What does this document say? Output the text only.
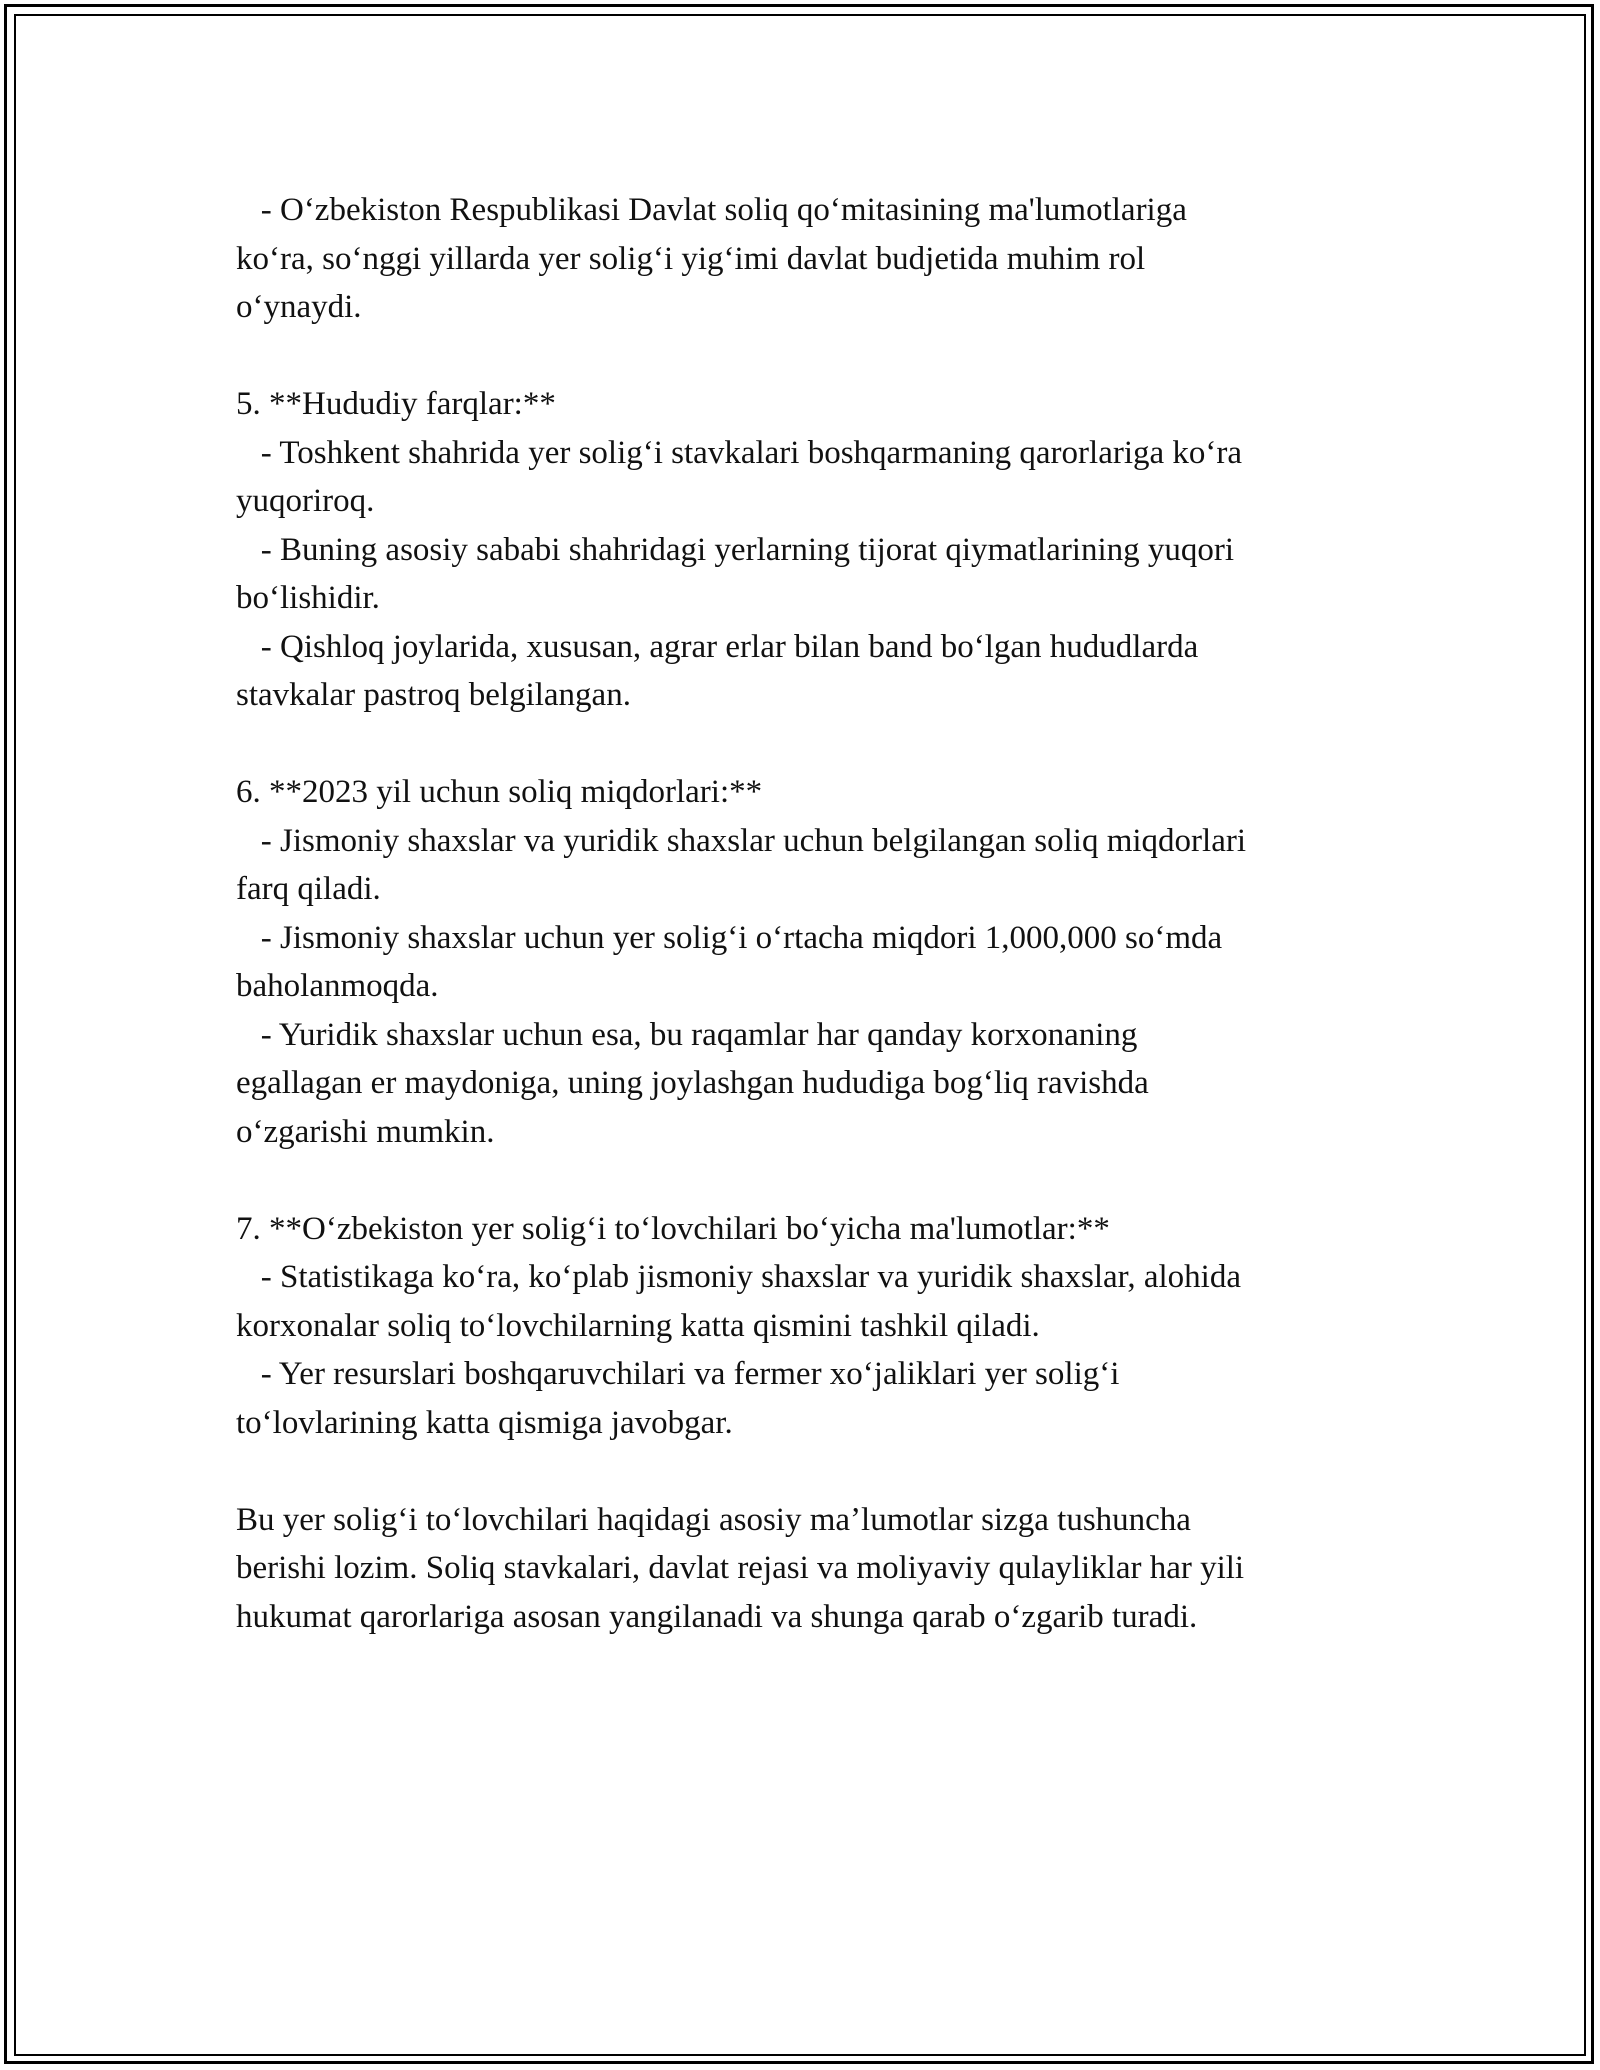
- Oʻzbekiston Respublikasi Davlat soliq qoʻmitasining ma'lumotlariga
koʻra, soʻnggi yillarda yer soligʻi yigʻimi davlat budjetida muhim rol
oʻynaydi.
5. **Hududiy farqlar:**
- Toshkent shahrida yer soligʻi stavkalari boshqarmaning qarorlariga koʻra
yuqoriroq.
- Buning asosiy sababi shahridagi yerlarning tijorat qiymatlarining yuqori
boʻlishidir.
- Qishloq joylarida, xususan, agrar erlar bilan band boʻlgan hududlarda
stavkalar pastroq belgilangan.
6. **2023 yil uchun soliq miqdorlari:**
- Jismoniy shaxslar va yuridik shaxslar uchun belgilangan soliq miqdorlari
farq qiladi.
- Jismoniy shaxslar uchun yer soligʻi oʻrtacha miqdori 1,000,000 soʻmda
baholanmoqda.
- Yuridik shaxslar uchun esa, bu raqamlar har qanday korxonaning
egallagan er maydoniga, uning joylashgan hududiga bogʻliq ravishda
oʻzgarishi mumkin.
7. **Oʻzbekiston yer soligʻi toʻlovchilari boʻyicha ma'lumotlar:**
- Statistikaga koʻra, koʻplab jismoniy shaxslar va yuridik shaxslar, alohida
korxonalar soliq toʻlovchilarning katta qismini tashkil qiladi.
- Yer resurslari boshqaruvchilari va fermer xoʻjaliklari yer soligʻi
toʻlovlarining katta qismiga javobgar.
Bu yer soligʻi toʻlovchilari haqidagi asosiy maʼlumotlar sizga tushuncha
berishi lozim. Soliq stavkalari, davlat rejasi va moliyaviy qulayliklar har yili
hukumat qarorlariga asosan yangilanadi va shunga qarab oʻzgarib turadi.
